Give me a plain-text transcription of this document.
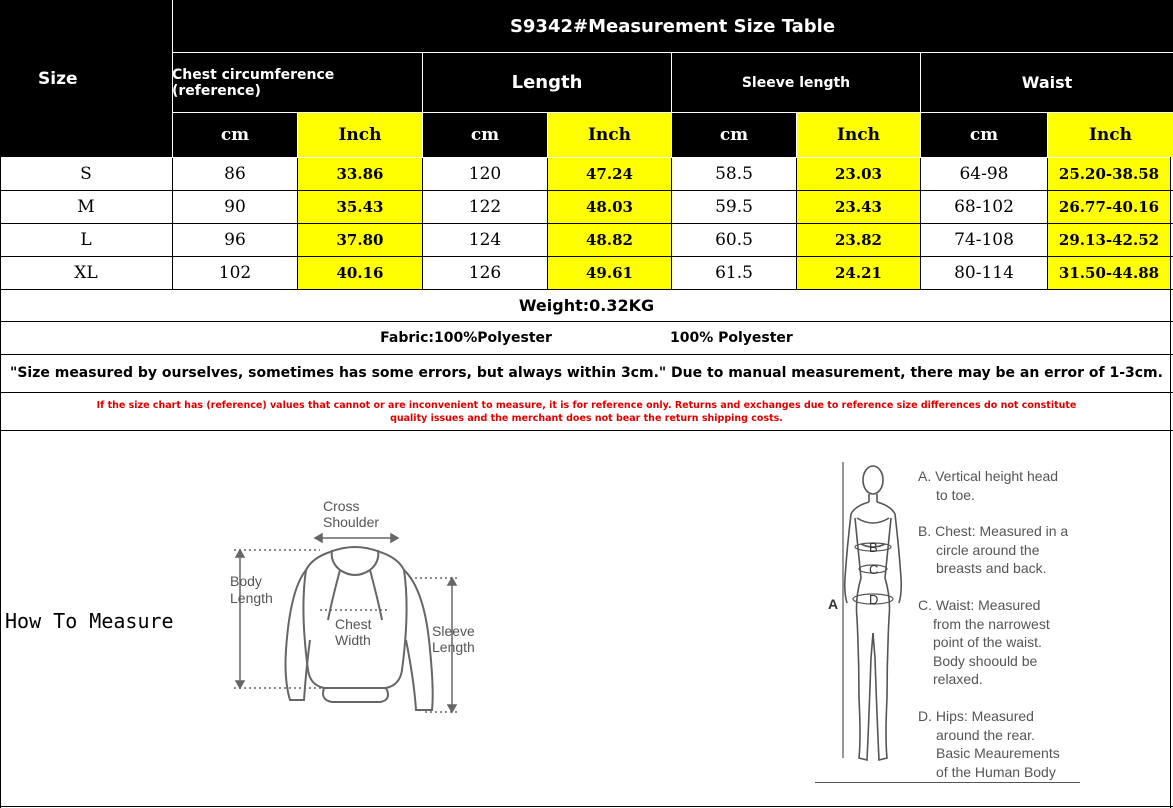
Size
S9342#Measurement Size Table
Chest circumference (reference)	Length	Sleeve length	Waist
cm	Inch	cm	Inch	cm	Inch	cm	Inch
S	86	33.86	120	47.24	58.5	23.03	64-98	25.20-38.58
M	90	35.43	122	48.03	59.5	23.43	68-102	26.77-40.16
L	96	37.80	124	48.82	60.5	23.82	74-108	29.13-42.52
XL	102	40.16	126	49.61	61.5	24.21	80-114	31.50-44.88
Weight:0.32KG
Fabric:100%Polyester	100% Polyester
"Size measured by ourselves, sometimes has some errors, but always within 3cm." Due to manual measurement, there may be an error of 1-3cm.
If the size chart has (reference) values that cannot or are inconvenient to measure, it is for reference only. Returns and exchanges due to reference size differences do not constitute
quality issues and the merchant does not bear the return shipping costs.
How To Measure
Cross
Shoulder
Body
Length
Chest
Width
Sleeve
Length
A
B
C
D
A. Vertical height head
to toe.
B. Chest: Measured in a
circle around the
breasts and back.
C. Waist: Measured
from the narrowest
point of the waist.
Body shoould be
relaxed.
D. Hips: Measured
around the rear.
Basic Meaurements
of the Human Body
